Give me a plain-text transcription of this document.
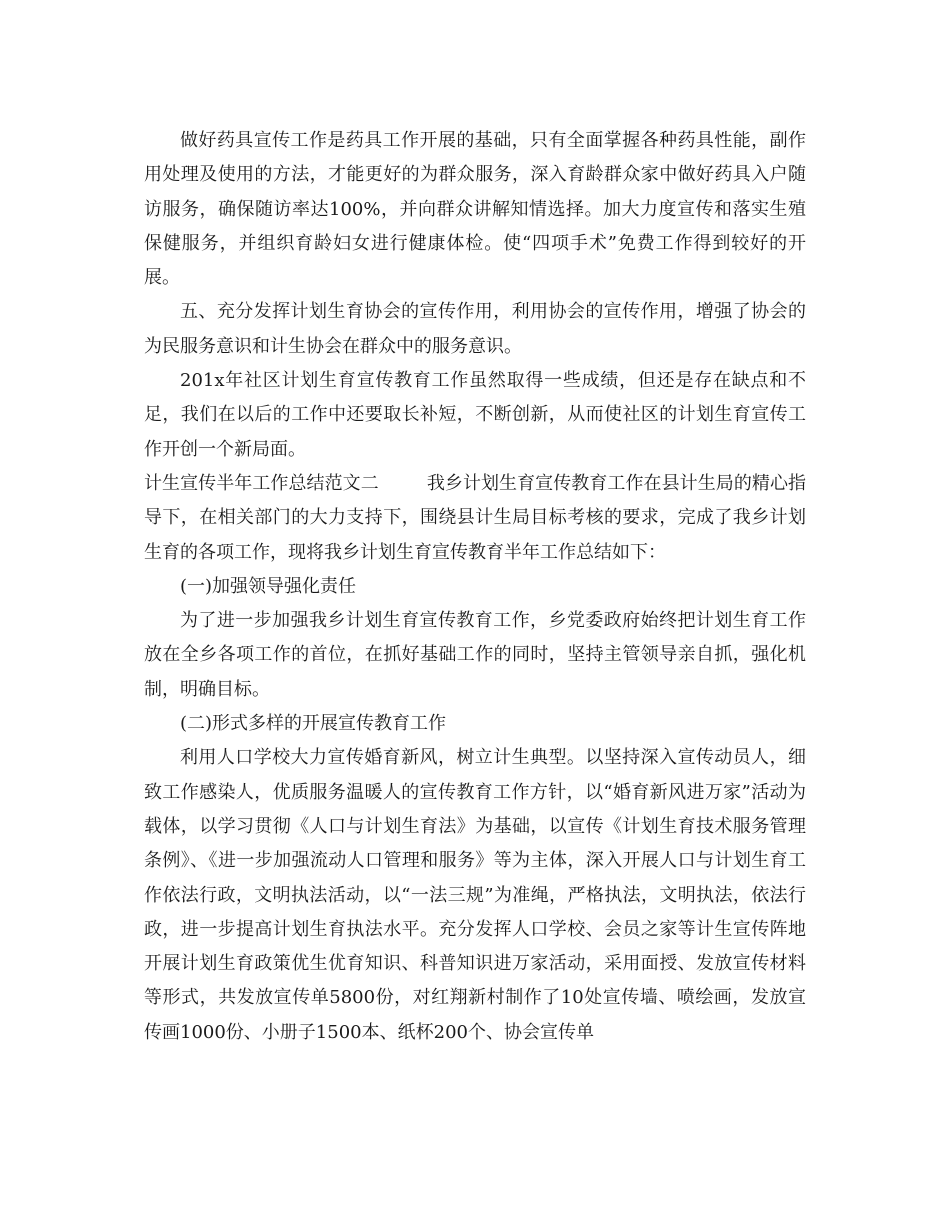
做好药具宣传工作是药具工作开展的基础，只有全面掌握各种药具性能，副作用处理及使用的方法，才能更好的为群众服务，深入育龄群众家中做好药具入户随访服务，确保随访率达100%，并向群众讲解知情选择。加大力度宣传和落实生殖保健服务，并组织育龄妇女进行健康体检。使“四项手术”免费工作得到较好的开展。

五、充分发挥计划生育协会的宣传作用，利用协会的宣传作用，增强了协会的为民服务意识和计生协会在群众中的服务意识。

201x年社区计划生育宣传教育工作虽然取得一些成绩，但还是存在缺点和不足，我们在以后的工作中还要取长补短，不断创新，从而使社区的计划生育宣传工作开创一个新局面。

计生宣传半年工作总结范文二	我乡计划生育宣传教育工作在县计生局的精心指导下，在相关部门的大力支持下，围绕县计生局目标考核的要求，完成了我乡计划生育的各项工作，现将我乡计划生育宣传教育半年工作总结如下：

(一)加强领导强化责任

为了进一步加强我乡计划生育宣传教育工作，乡党委政府始终把计划生育工作放在全乡各项工作的首位，在抓好基础工作的同时，坚持主管领导亲自抓，强化机制，明确目标。

(二)形式多样的开展宣传教育工作

利用人口学校大力宣传婚育新风，树立计生典型。以坚持深入宣传动员人，细致工作感染人，优质服务温暖人的宣传教育工作方针，以“婚育新风进万家”活动为载体，以学习贯彻《人口与计划生育法》为基础，以宣传《计划生育技术服务管理条例》、《进一步加强流动人口管理和服务》等为主体，深入开展人口与计划生育工作依法行政，文明执法活动，以“一法三规”为准绳，严格执法，文明执法，依法行政，进一步提高计划生育执法水平。充分发挥人口学校、会员之家等计生宣传阵地开展计划生育政策优生优育知识、科普知识进万家活动，采用面授、发放宣传材料等形式，共发放宣传单5800份，对红翔新村制作了10处宣传墙、喷绘画，发放宣传画1000份、小册子1500本、纸杯200个、协会宣传单
